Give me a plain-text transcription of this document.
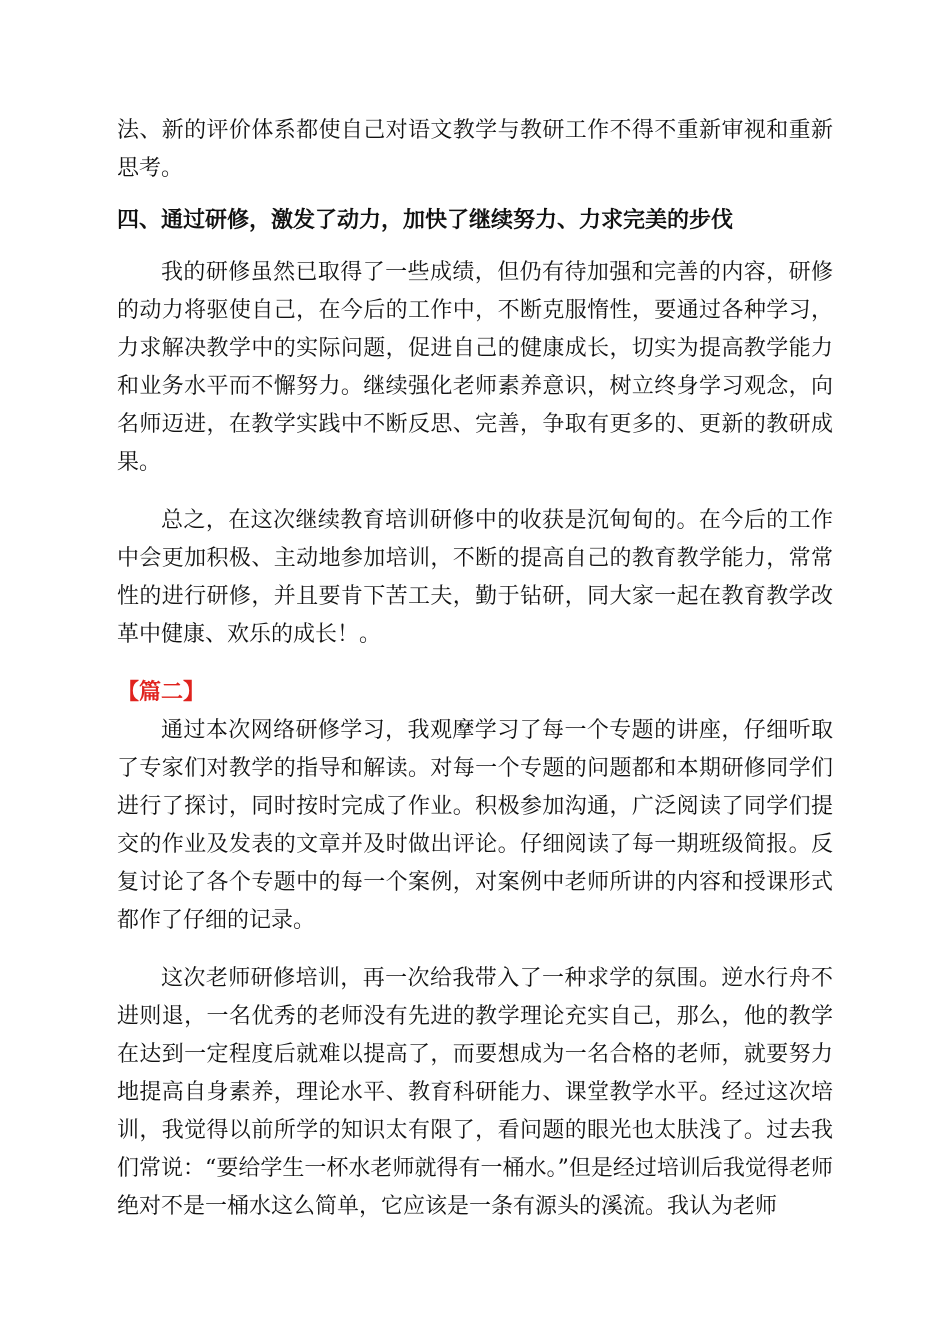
法、新的评价体系都使自己对语文教学与教研工作不得不重新审视和重新思考。

四、通过研修，激发了动力，加快了继续努力、力求完美的步伐

我的研修虽然已取得了一些成绩，但仍有待加强和完善的内容，研修的动力将驱使自己，在今后的工作中，不断克服惰性，要通过各种学习，力求解决教学中的实际问题，促进自己的健康成长，切实为提高教学能力和业务水平而不懈努力。继续强化老师素养意识，树立终身学习观念，向名师迈进，在教学实践中不断反思、完善，争取有更多的、更新的教研成果。

总之，在这次继续教育培训研修中的收获是沉甸甸的。在今后的工作中会更加积极、主动地参加培训，不断的提高自己的教育教学能力，常常性的进行研修，并且要肯下苦工夫，勤于钻研，同大家一起在教育教学改革中健康、欢乐的成长！。

【篇二】

通过本次网络研修学习，我观摩学习了每一个专题的讲座，仔细听取了专家们对教学的指导和解读。对每一个专题的问题都和本期研修同学们进行了探讨，同时按时完成了作业。积极参加沟通，广泛阅读了同学们提交的作业及发表的文章并及时做出评论。仔细阅读了每一期班级简报。反复讨论了各个专题中的每一个案例，对案例中老师所讲的内容和授课形式都作了仔细的记录。

这次老师研修培训，再一次给我带入了一种求学的氛围。逆水行舟不进则退，一名优秀的老师没有先进的教学理论充实自己，那么，他的教学在达到一定程度后就难以提高了，而要想成为一名合格的老师，就要努力地提高自身素养，理论水平、教育科研能力、课堂教学水平。经过这次培训，我觉得以前所学的知识太有限了，看问题的眼光也太肤浅了。过去我们常说：“要给学生一杯水老师就得有一桶水。”但是经过培训后我觉得老师绝对不是一桶水这么简单，它应该是一条有源头的溪流。我认为老师
